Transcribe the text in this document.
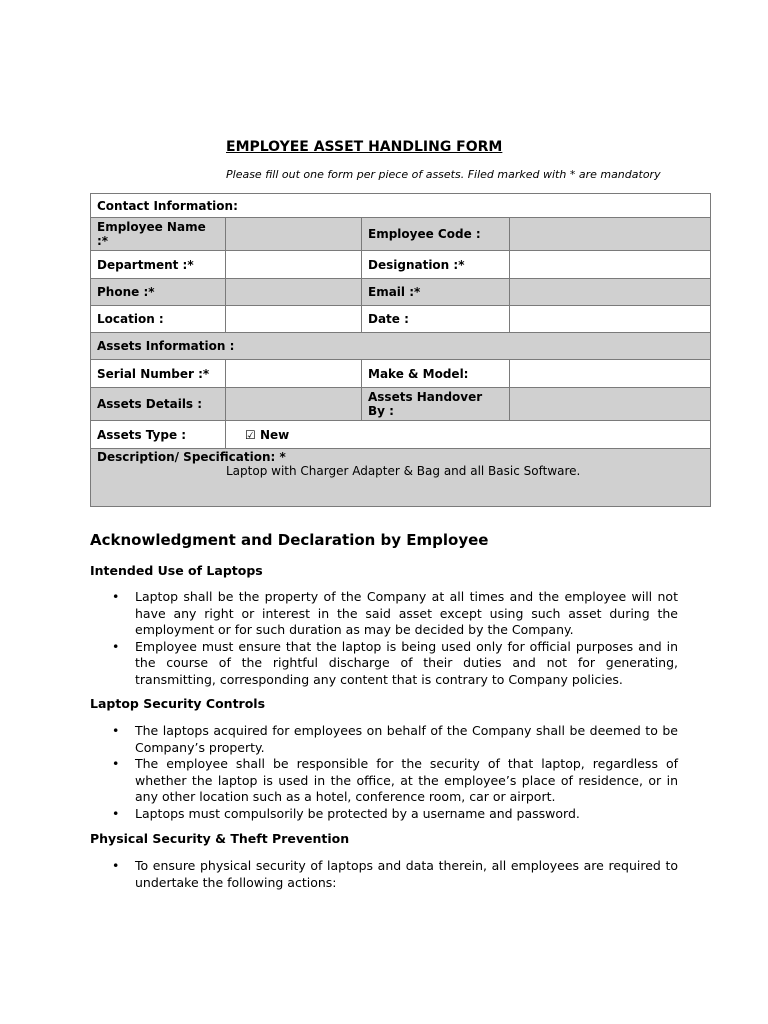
EMPLOYEE ASSET HANDLING FORM

Please fill out one form per piece of assets. Filed marked with * are mandatory

Contact Information:			
Employee Name :*		Employee Code :	
Department :*		Designation :*	
Phone :*		Email :*	
Location :		Date :	
Assets Information :			
Serial Number :*		Make & Model:	
Assets Details :		Assets Handover By :	
Assets Type :	☑ New		

Description/ Specification: *
Laptop with Charger Adapter & Bag and all Basic Software.			
Acknowledgment and Declaration by Employee
Intended Use of Laptops
• Laptop shall be the property of the Company at all times and the employee will not have any right or interest in the said asset except using such asset during the employment or for such duration as may be decided by the Company.
• Employee must ensure that the laptop is being used only for official purposes and in the course of the rightful discharge of their duties and not for generating, transmitting, corresponding any content that is contrary to Company policies.
Laptop Security Controls
• The laptops acquired for employees on behalf of the Company shall be deemed to be Company’s property.
• The employee shall be responsible for the security of that laptop, regardless of whether the laptop is used in the office, at the employee’s place of residence, or in any other location such as a hotel, conference room, car or airport.
• Laptops must compulsorily be protected by a username and password.
Physical Security & Theft Prevention
• To ensure physical security of laptops and data therein, all employees are required to undertake the following actions:
